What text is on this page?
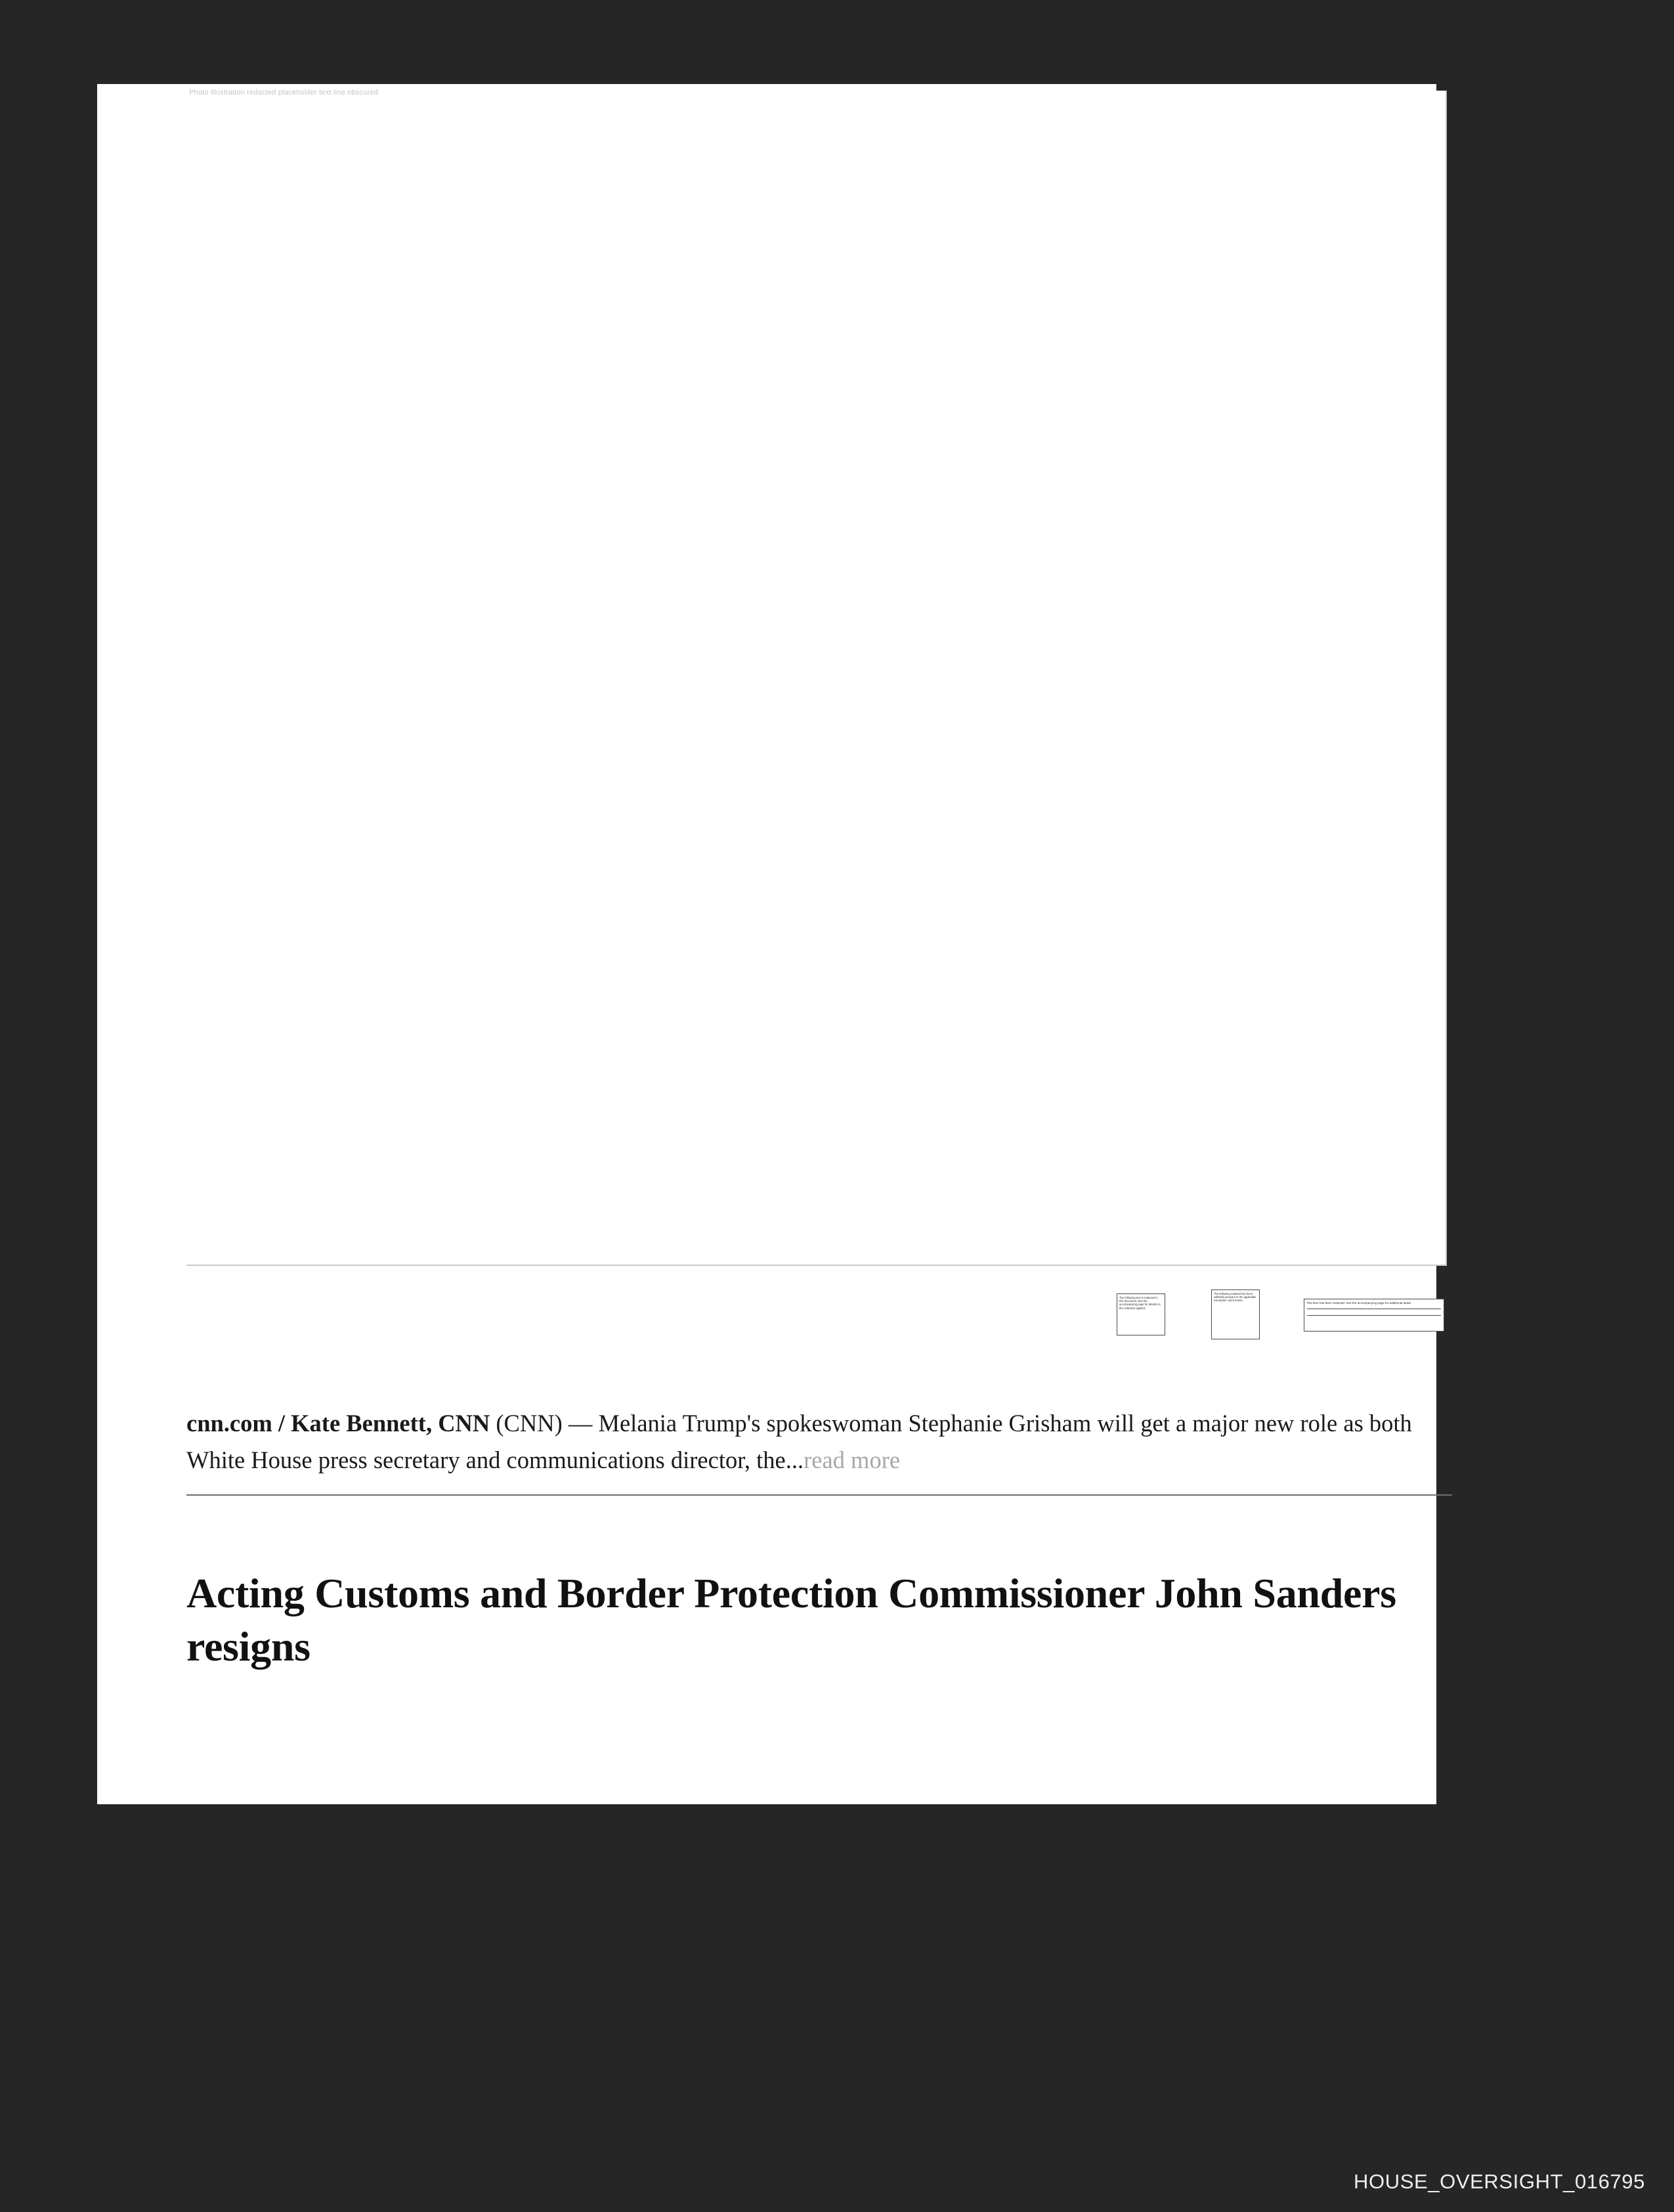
Photo illustration redacted placeholder text line obscured
The following text is redacted in this document. See the accompanying page for details on the redaction applied.
The following material has been withheld pursuant to the applicable exemption noted herein.
This item has been redacted. See the accompanying page for additional detail.

cnn.com / Kate Bennett, CNN (CNN) — Melania Trump's spokeswoman Stephanie Grisham will get a major new role as both White House press secretary and communications director, the...read more

Acting Customs and Border Protection Commissioner John Sanders resigns
HOUSE_OVERSIGHT_016795
